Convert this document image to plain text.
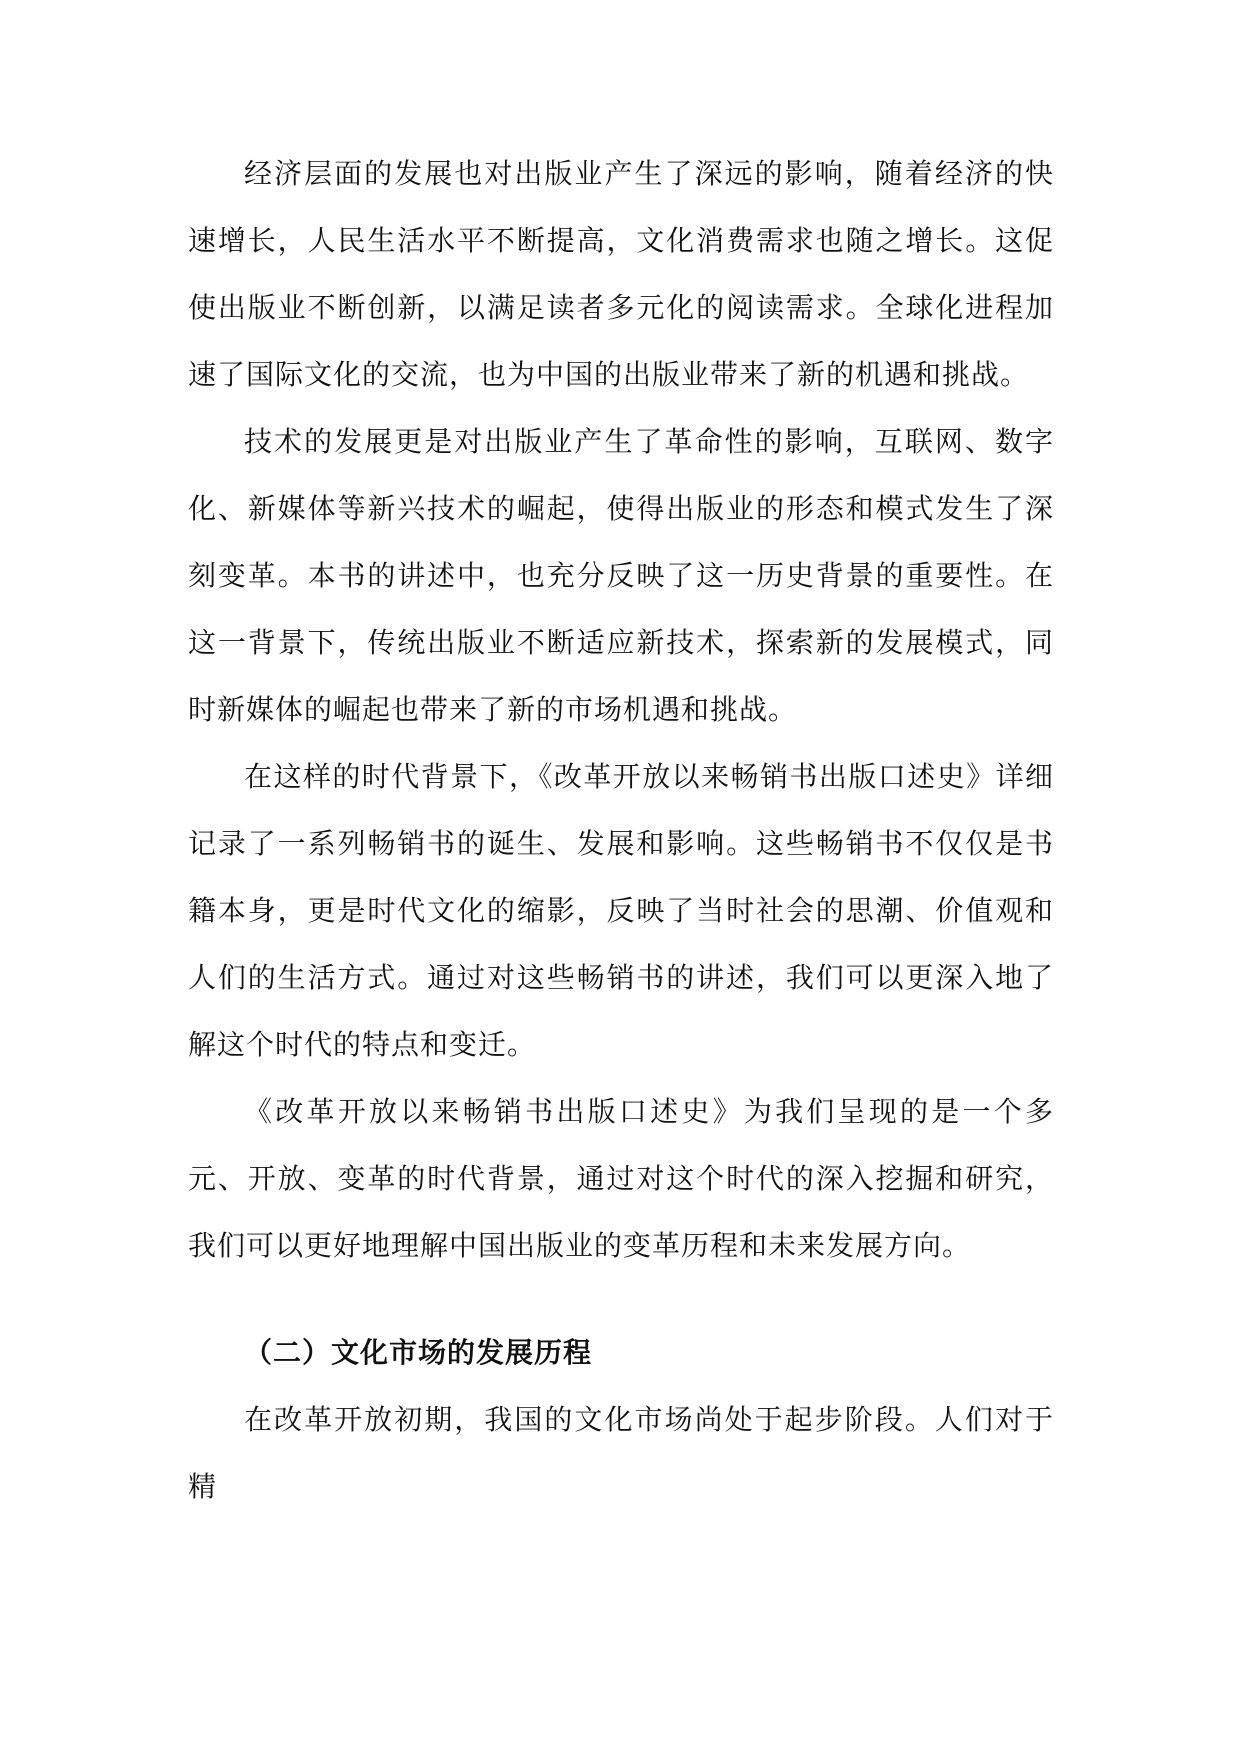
经济层面的发展也对出版业产生了深远的影响，随着经济的快速增长，人民生活水平不断提高，文化消费需求也随之增长。这促使出版业不断创新，以满足读者多元化的阅读需求。全球化进程加速了国际文化的交流，也为中国的出版业带来了新的机遇和挑战。

技术的发展更是对出版业产生了革命性的影响，互联网、数字化、新媒体等新兴技术的崛起，使得出版业的形态和模式发生了深刻变革。本书的讲述中，也充分反映了这一历史背景的重要性。在这一背景下，传统出版业不断适应新技术，探索新的发展模式，同时新媒体的崛起也带来了新的市场机遇和挑战。

在这样的时代背景下，《改革开放以来畅销书出版口述史》详细记录了一系列畅销书的诞生、发展和影响。这些畅销书不仅仅是书籍本身，更是时代文化的缩影，反映了当时社会的思潮、价值观和人们的生活方式。通过对这些畅销书的讲述，我们可以更深入地了解这个时代的特点和变迁。

《改革开放以来畅销书出版口述史》为我们呈现的是一个多元、开放、变革的时代背景，通过对这个时代的深入挖掘和研究，我们可以更好地理解中国出版业的变革历程和未来发展方向。

（二）文化市场的发展历程

在改革开放初期，我国的文化市场尚处于起步阶段。人们对于精
